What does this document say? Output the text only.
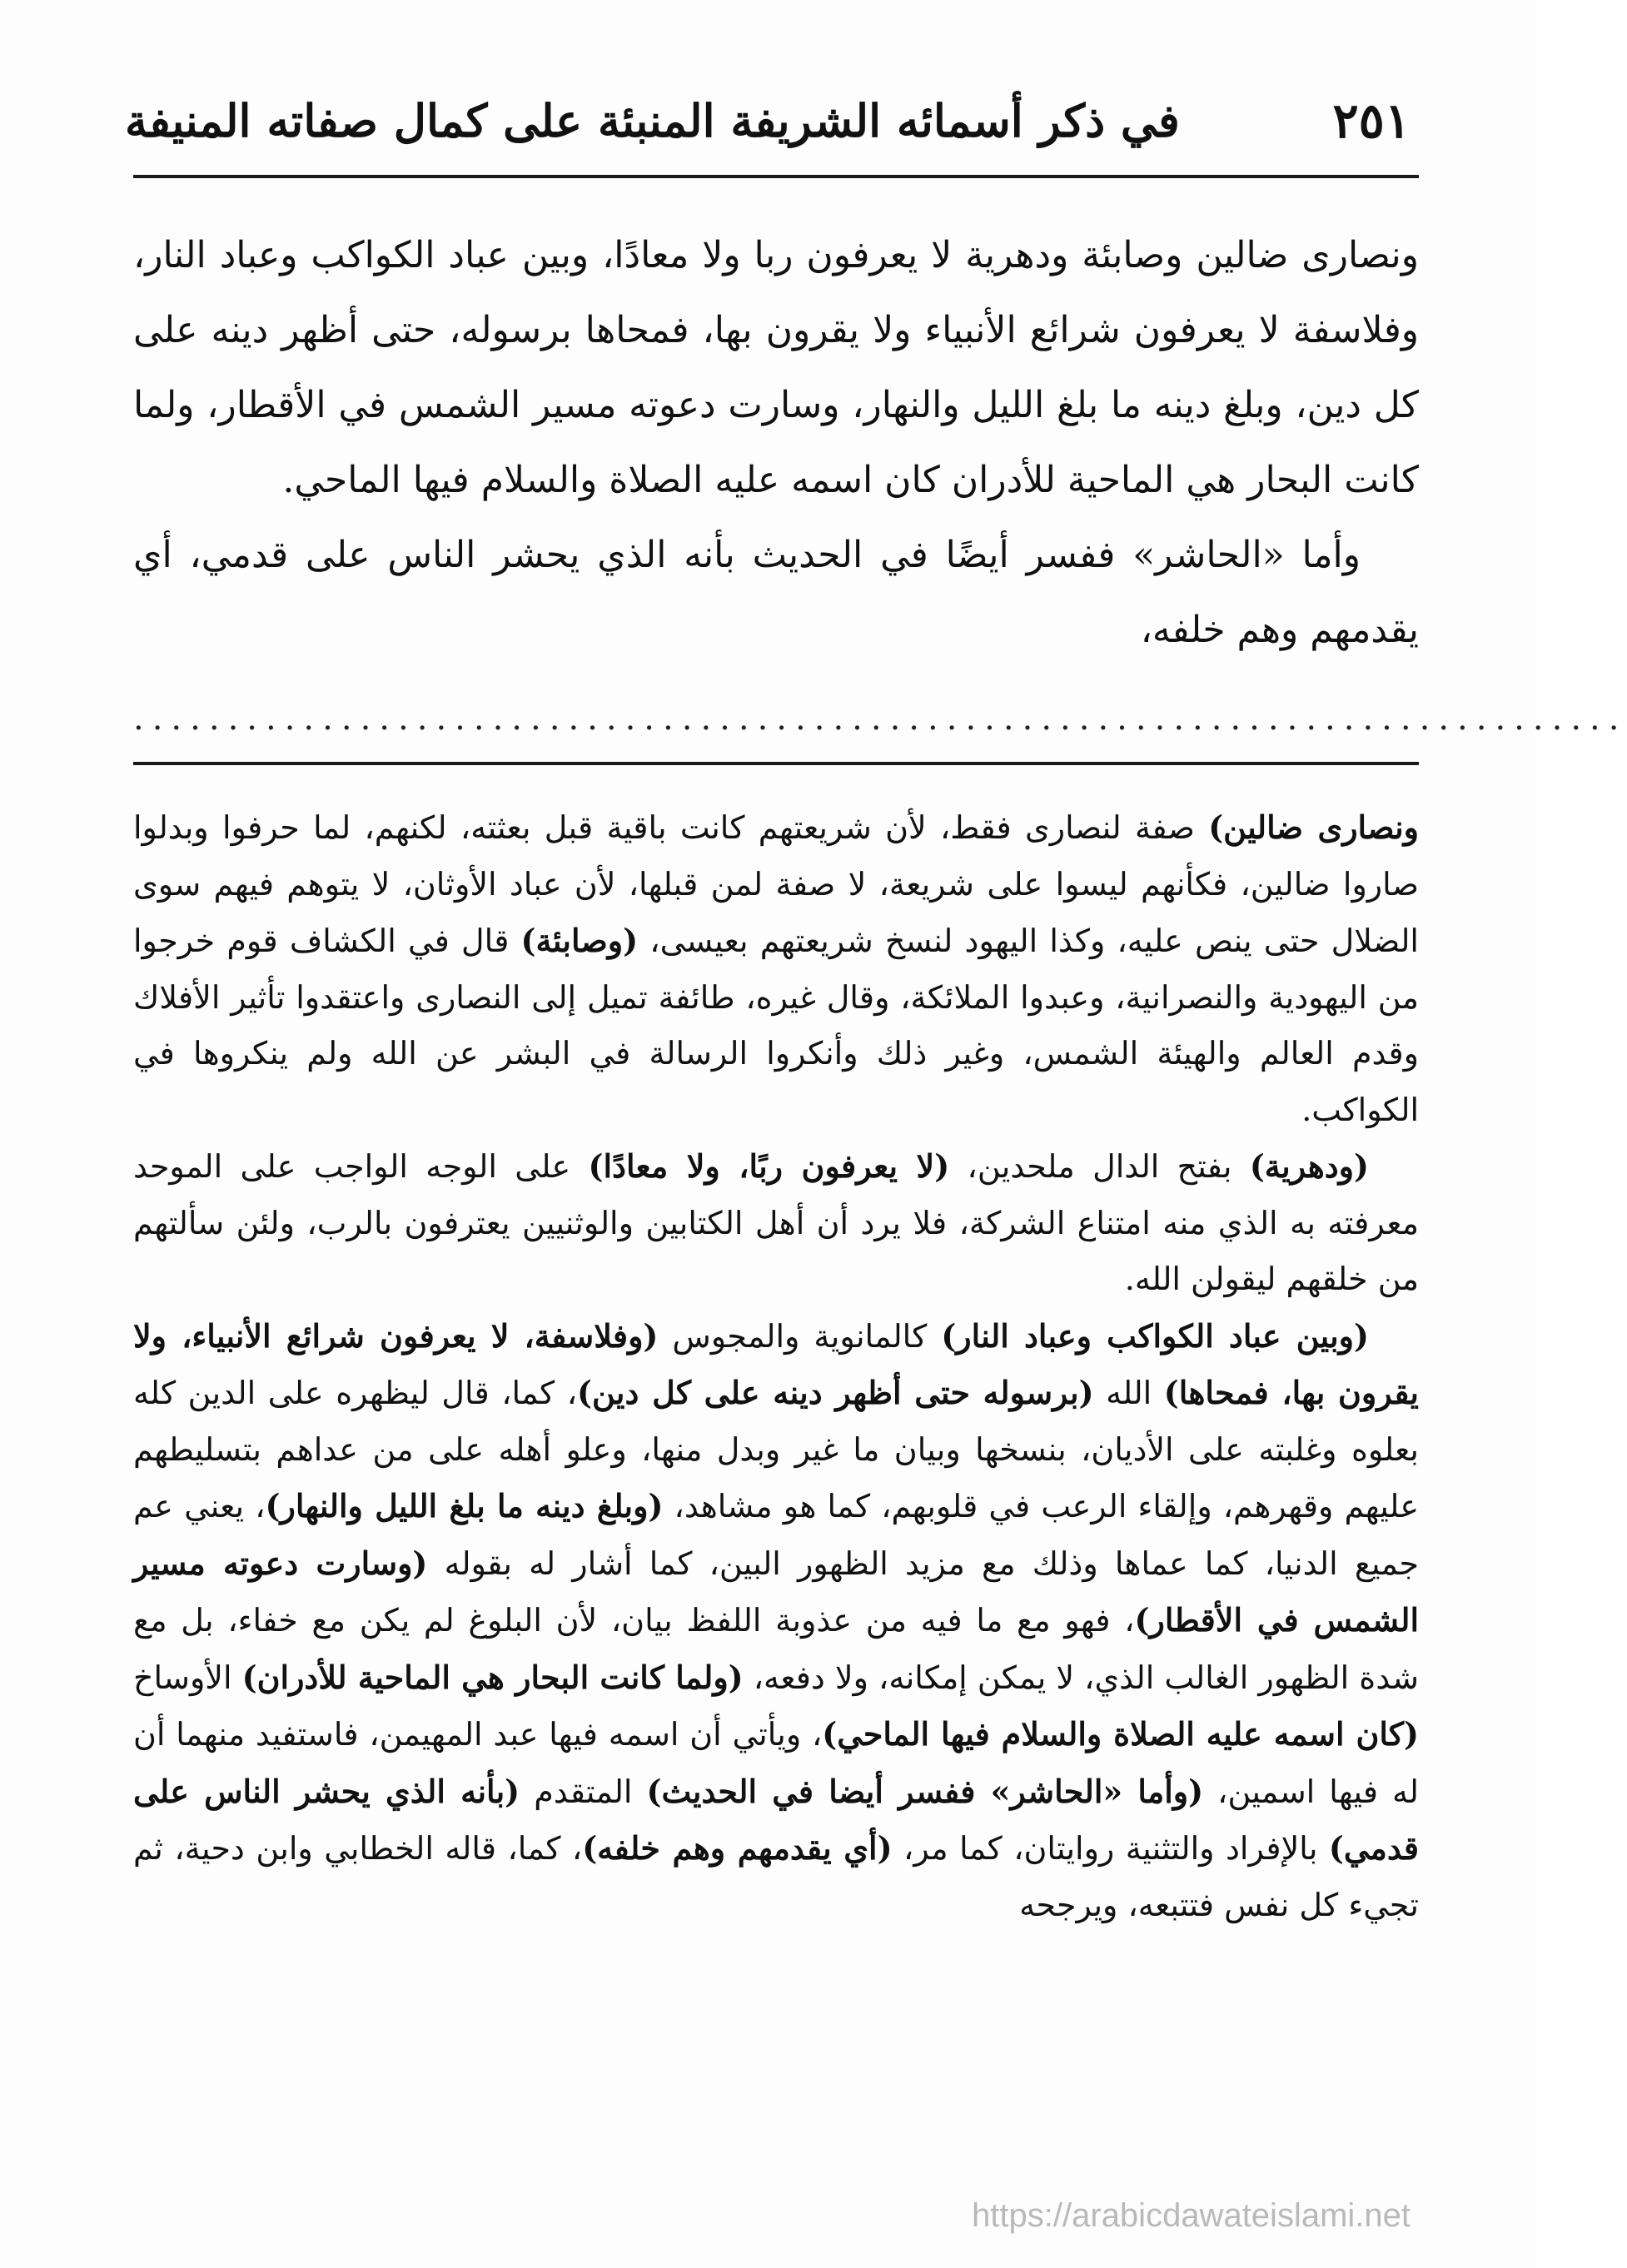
في ذكر أسمائه الشريفة المنبئة على كمال صفاته المنيفة	٢٥١

ونصارى ضالين وصابئة ودهرية لا يعرفون ربا ولا معادًا، وبين عباد الكواكب وعباد النار، وفلاسفة لا يعرفون شرائع الأنبياء ولا يقرون بها، فمحاها برسوله، حتى أظهر دينه على كل دين، وبلغ دينه ما بلغ الليل والنهار، وسارت دعوته مسير الشمس في الأقطار، ولما كانت البحار هي الماحية للأدران كان اسمه عليه الصلاة والسلام فيها الماحي.

وأما «الحاشر» ففسر أيضًا في الحديث بأنه الذي يحشر الناس على قدمي، أي يقدمهم وهم خلفه،

...............................................................................

ونصارى ضالين) صفة لنصارى فقط، لأن شريعتهم كانت باقية قبل بعثته، لكنهم، لما حرفوا وبدلوا صاروا ضالين، فكأنهم ليسوا على شريعة، لا صفة لمن قبلها، لأن عباد الأوثان، لا يتوهم فيهم سوى الضلال حتى ينص عليه، وكذا اليهود لنسخ شريعتهم بعيسى، (وصابئة) قال في الكشاف قوم خرجوا من اليهودية والنصرانية، وعبدوا الملائكة، وقال غيره، طائفة تميل إلى النصارى واعتقدوا تأثير الأفلاك وقدم العالم والهيئة الشمس، وغير ذلك وأنكروا الرسالة في البشر عن الله ولم ينكروها في الكواكب.

(ودهرية) بفتح الدال ملحدين، (لا يعرفون ربًا، ولا معادًا) على الوجه الواجب على الموحد معرفته به الذي منه امتناع الشركة، فلا يرد أن أهل الكتابين والوثنيين يعترفون بالرب، ولئن سألتهم من خلقهم ليقولن الله.

(وبين عباد الكواكب وعباد النار) كالمانوية والمجوس (وفلاسفة، لا يعرفون شرائع الأنبياء، ولا يقرون بها، فمحاها) الله (برسوله حتى أظهر دينه على كل دين)، كما، قال ليظهره على الدين كله بعلوه وغلبته على الأديان، بنسخها وبيان ما غير وبدل منها، وعلو أهله على من عداهم بتسليطهم عليهم وقهرهم، وإلقاء الرعب في قلوبهم، كما هو مشاهد، (وبلغ دينه ما بلغ الليل والنهار)، يعني عم جميع الدنيا، كما عماها وذلك مع مزيد الظهور البين، كما أشار له بقوله (وسارت دعوته مسير الشمس في الأقطار)، فهو مع ما فيه من عذوبة اللفظ بيان، لأن البلوغ لم يكن مع خفاء، بل مع شدة الظهور الغالب الذي، لا يمكن إمكانه، ولا دفعه، (ولما كانت البحار هي الماحية للأدران) الأوساخ (كان اسمه عليه الصلاة والسلام فيها الماحي)، ويأتي أن اسمه فيها عبد المهيمن، فاستفيد منهما أن له فيها اسمين، (وأما «الحاشر» ففسر أيضا في الحديث) المتقدم (بأنه الذي يحشر الناس على قدمي) بالإفراد والتثنية روايتان، كما مر، (أي يقدمهم وهم خلفه)، كما، قاله الخطابي وابن دحية، ثم تجيء كل نفس فتتبعه، ويرجحه

https://arabicdawateislami.net
